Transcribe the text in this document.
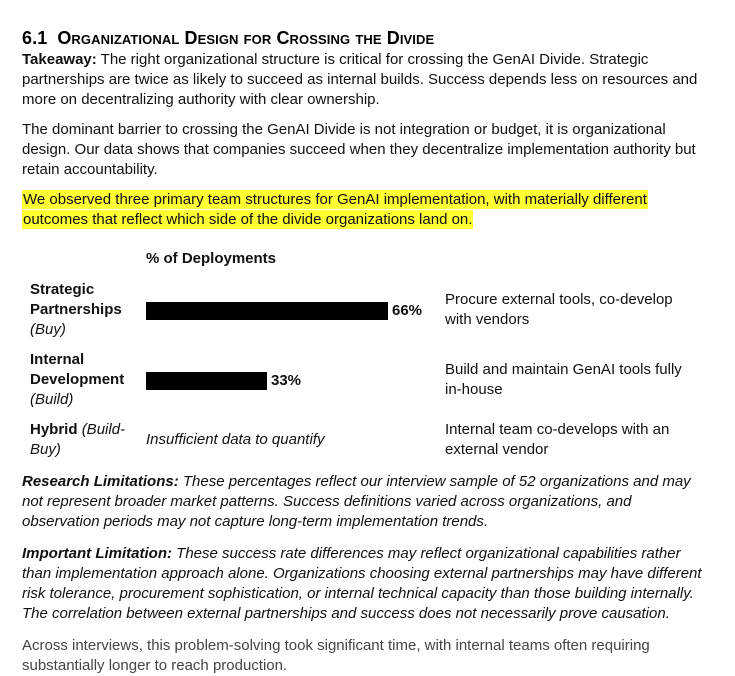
6.1 Organizational Design for Crossing the Divide

Takeaway: The right organizational structure is critical for crossing the GenAI Divide. Strategic partnerships are twice as likely to succeed as internal builds. Success depends less on resources and more on decentralizing authority with clear ownership.

The dominant barrier to crossing the GenAI Divide is not integration or budget, it is organizational design. Our data shows that companies succeed when they decentralize implementation authority but retain accountability.

We observed three primary team structures for GenAI implementation, with materially different outcomes that reflect which side of the divide organizations land on.

% of Deployments
Strategic
Partnerships
(Buy)
66%
Procure external tools, co-develop with vendors
Internal
Development
(Build)
33%
Build and maintain GenAI tools fully in-house
Hybrid (Build-Buy)
Insufficient data to quantify
Internal team co-develops with an external vendor

Research Limitations: These percentages reflect our interview sample of 52 organizations and may not represent broader market patterns. Success definitions varied across organizations, and observation periods may not capture long-term implementation trends.

Important Limitation: These success rate differences may reflect organizational capabilities rather than implementation approach alone. Organizations choosing external partnerships may have different risk tolerance, procurement sophistication, or internal technical capacity than those building internally. The correlation between external partnerships and success does not necessarily prove causation.

Across interviews, this problem-solving took significant time, with internal teams often requiring substantially longer to reach production.
